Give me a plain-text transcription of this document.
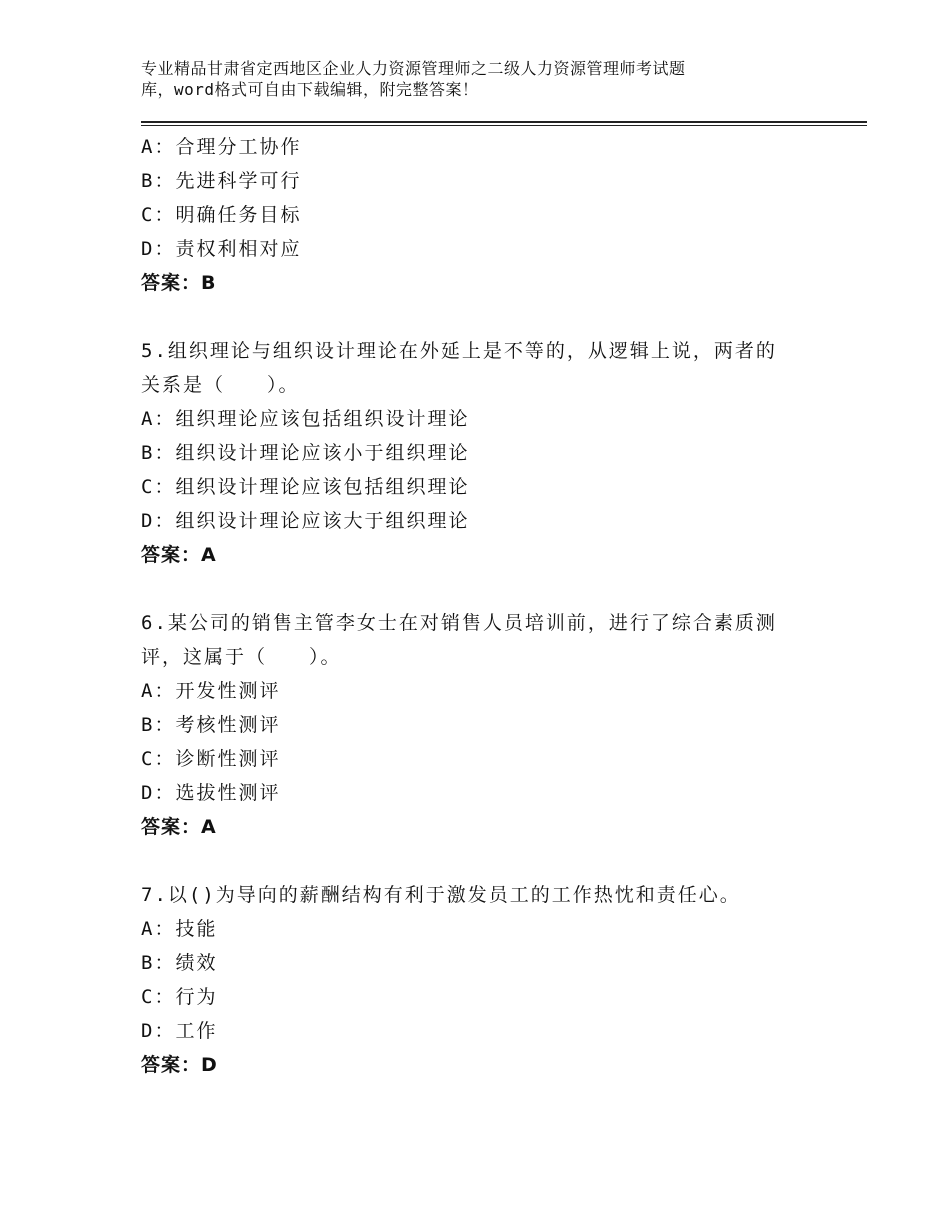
专业精品甘肃省定西地区企业人力资源管理师之二级人力资源管理师考试题
库，word格式可自由下载编辑，附完整答案！
A：合理分工协作
B：先进科学可行
C：明确任务目标
D：责权利相对应
答案：B
5.组织理论与组织设计理论在外延上是不等的，从逻辑上说，两者的
关系是（　　）。
A：组织理论应该包括组织设计理论
B：组织设计理论应该小于组织理论
C：组织设计理论应该包括组织理论
D：组织设计理论应该大于组织理论
答案：A
6.某公司的销售主管李女士在对销售人员培训前，进行了综合素质测
评，这属于（　　）。
A：开发性测评
B：考核性测评
C：诊断性测评
D：选拔性测评
答案：A
7.以()为导向的薪酬结构有利于激发员工的工作热忱和责任心。
A：技能
B：绩效
C：行为
D：工作
答案：D
